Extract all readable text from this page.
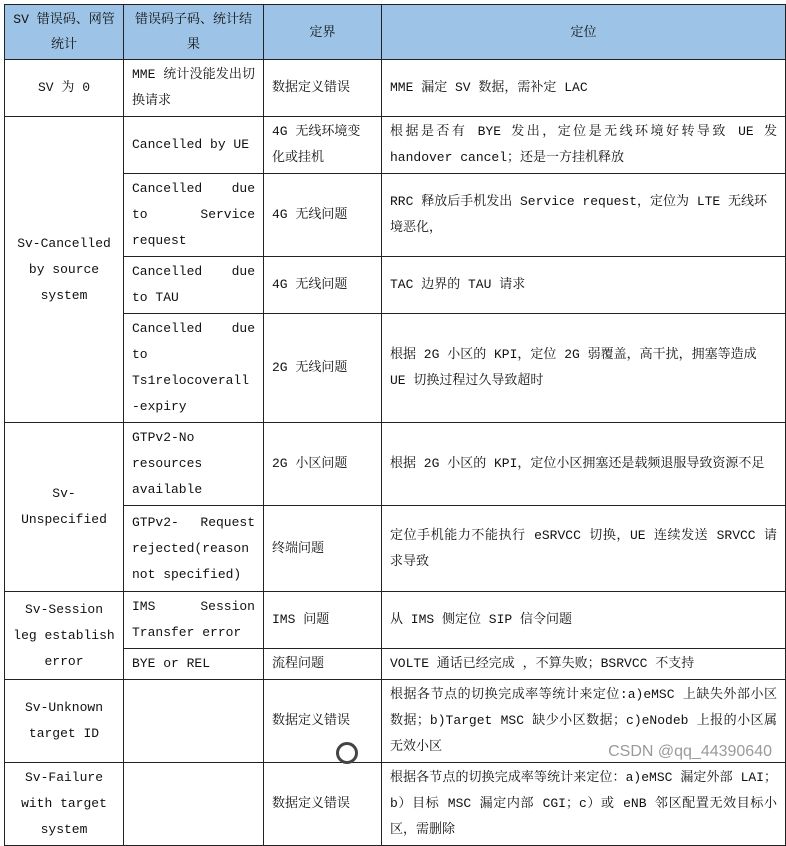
SV 错误码、网管统计	错误码子码、统计结果	定界	定位
SV 为 0	MME 统计没能发出切换请求	数据定义错误	MME 漏定 SV 数据，需补定 LAC
Sv-Cancelled by source system	Cancelled by UE	4G 无线环境变化或挂机	根据是否有 BYE 发出，定位是无线环境好转导致 UE 发 handover cancel；还是一方挂机释放
	Cancelled due to Service request	4G 无线问题	RRC 释放后手机发出 Service request，定位为 LTE 无线环境恶化，
	Cancelled due to TAU	4G 无线问题	TAC 边界的 TAU 请求
	Cancelled due to Ts1relocoverall-expiry	2G 无线问题	根据 2G 小区的 KPI，定位 2G 弱覆盖，高干扰，拥塞等造成 UE 切换过程过久导致超时
Sv-Unspecified	GTPv2-No resources available	2G 小区问题	根据 2G 小区的 KPI，定位小区拥塞还是载频退服导致资源不足
	GTPv2- Request rejected(reason not specified)	终端问题	定位手机能力不能执行 eSRVCC 切换，UE 连续发送 SRVCC 请求导致
Sv-Session leg establish error	IMS Session Transfer error	IMS 问题	从 IMS 侧定位 SIP 信令问题
	BYE or REL	流程问题	VOLTE 通话已经完成 ，不算失败；BSRVCC 不支持
Sv-Unknown target ID		数据定义错误	根据各节点的切换完成率等统计来定位:a)eMSC 上缺失外部小区数据；b)Target MSC 缺少小区数据；c)eNodeb 上报的小区属无效小区
Sv-Failure with target system		数据定义错误	根据各节点的切换完成率等统计来定位：a)eMSC 漏定外部 LAI；b）目标 MSC 漏定内部 CGI；c）或 eNB 邻区配置无效目标小区，需删除
CSDN @qq_44390640
